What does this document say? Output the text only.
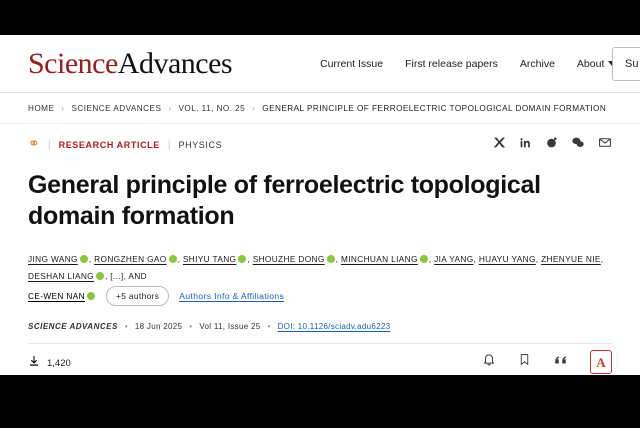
ScienceAdvances	Current Issue First release papers Archive About Su
HOME › SCIENCE ADVANCES › VOL. 11, NO. 25 › GENERAL PRINCIPLE OF FERROELECTRIC TOPOLOGICAL DOMAIN FORMATION
⚭ | RESEARCH ARTICLE | PHYSICS
General principle of ferroelectric topological domain formation
JING WANG , RONGZHEN GAO , SHIYU TANG , SHOUZHE DONG , MINCHUAN LIANG , JIA YANG, HUAYU YANG, ZHENYUE NIE, DESHAN LIANG , [...], AND
CE-WEN NAN	+5 authors	Authors Info & Affiliations
SCIENCE ADVANCES • 18 Jun 2025 • Vol 11, Issue 25 • DOI: 10.1126/sciadv.adu6223
1,420	A
